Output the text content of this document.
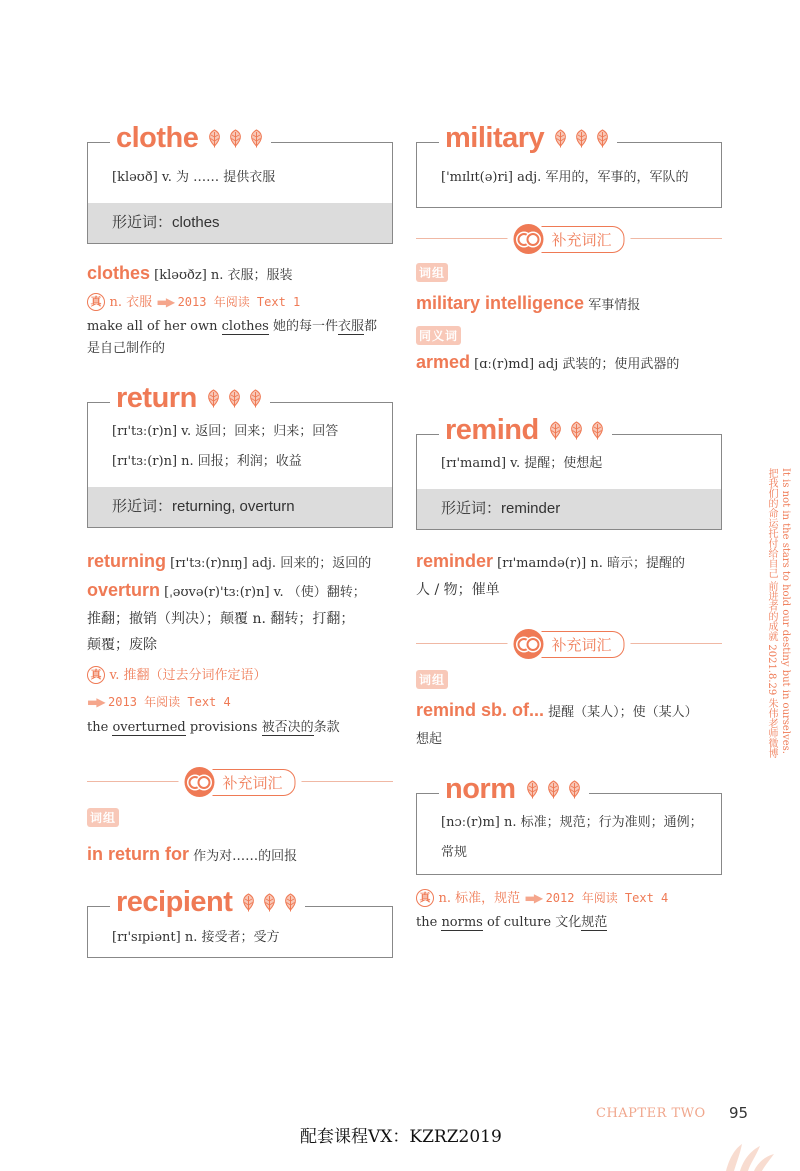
clothe
[kləʊð] v. 为 …… 提供衣服
形近词：clothes
clothes [kləʊðz] n. 衣服；服装
真 n. 衣服 ▬▶ 2013 年阅读 Text 1
make all of her own clothes 她的每一件衣服都
是自己制作的
return
[rɪ'tɜː(r)n] v. 返回；回来；归来；回答
[rɪ'tɜː(r)n] n. 回报；利润；收益
形近词：returning, overturn
returning [rɪ'tɜː(r)nɪŋ] adj. 回来的；返回的
overturn [ˌəʊvə(r)'tɜː(r)n] v. （使）翻转；
推翻；撤销（判决）；颠覆 n. 翻转；打翻；
颠覆；废除
真 v. 推翻（过去分词作定语）
▬▶ 2013 年阅读 Text 4
the overturned provisions 被否决的条款
补充词汇
词组
in return for 作为对……的回报
recipient
[rɪ'sɪpiənt] n. 接受者；受方
military
['mɪlɪt(ə)ri] adj. 军用的，军事的，军队的
补充词汇
词组
military intelligence 军事情报
同义词
armed [ɑː(r)md] adj 武装的；使用武器的
remind
[rɪ'maɪnd] v. 提醒；使想起
形近词：reminder
reminder [rɪ'maɪndə(r)] n. 暗示；提醒的
人 / 物；催单
补充词汇
词组
remind sb. of... 提醒（某人）；使（某人）
想起
norm
[nɔː(r)m] n. 标准；规范；行为准则；通例；
常规
真 n. 标准，规范 ▬▶ 2012 年阅读 Text 4
the norms of culture 文化规范
把我们的命运托付给自己 前进者的成就 2021.8.29 朱伟老师微博 It is not in the stars to hold our destiny but in ourselves.
CHAPTER TWO 95
配套课程VX：KZRZ2019
